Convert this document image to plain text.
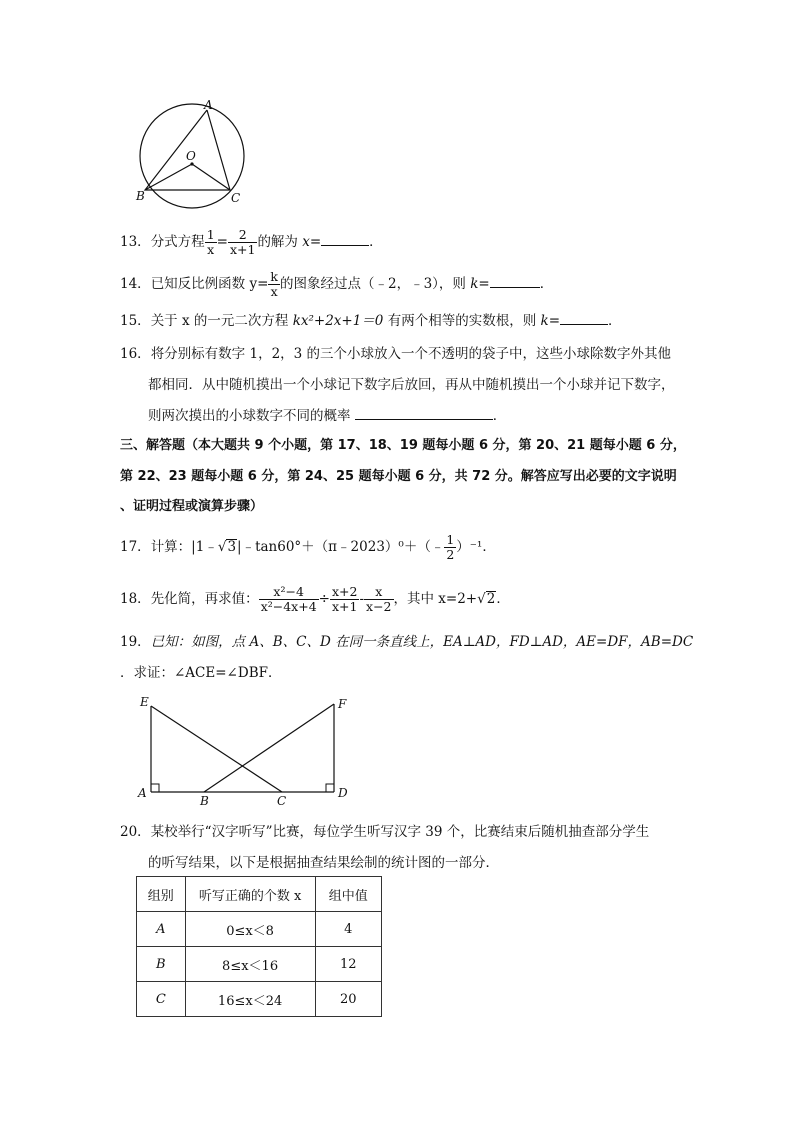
A
O
B	C
13．分式方程 $\frac{1}{x} = \frac{2}{x+1}$ 的解为 x=	．
14．已知反比例函数 $y= \frac{k}{x}$ 的图象经过点（﹣2，﹣3），则 k=	．
15．关于 x 的一元二次方程 kx²+2x+1＝0 有两个相等的实数根，则 k=	．
16．将分别标有数字 1，2，3 的三个小球放入一个不透明的袋子中，这些小球除数字外其他
都相同．从中随机摸出一个小球记下数字后放回，再从中随机摸出一个小球并记下数字，
则两次摸出的小球数字不同的概率	．
三、解答题（本大题共 9 个小题，第 17、18、19 题每小题 6 分，第 20、21 题每小题 6 分，
第 22、23 题每小题 6 分，第 24、25 题每小题 6 分，共 72 分。解答应写出必要的文字说明
、证明过程或演算步骤）
17．计算：|1﹣√3|﹣tan60°＋（π﹣2023）⁰＋（﹣ $\frac{1}{2} )^{-1}$．
18．先化简，再求值： $\frac{\text{x²−4}}{\text{x²−4x+4}} \div \frac{x+2}{x+1} - \frac{x}{x-2}$ ，其中 x=2+√2．
19．已知：如图，点 A、B、C、D 在同一条直线上，EA⊥AD，FD⊥AD，AE=DF，AB=DC
．求证：∠ACE=∠DBF．
E	F
A
B	C
D
20．某校举行“汉字听写”比赛，每位学生听写汉字 39 个，比赛结束后随机抽查部分学生
的听写结果，以下是根据抽查结果绘制的统计图的一部分．
组别	听写正确的个数 x	组中值
A	0≤x＜8	4
B	8≤x＜16	12
C	16≤x＜24	20
